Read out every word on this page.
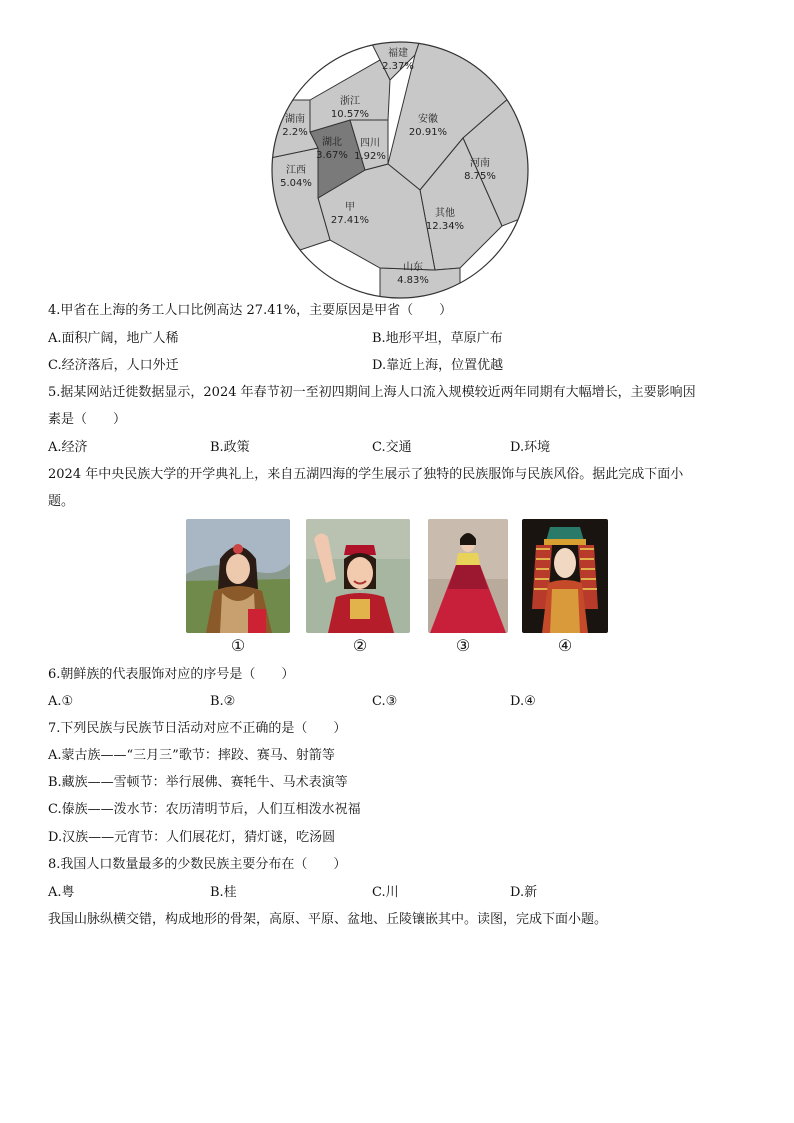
福建
2.37%
安徽
20.91%
河南
8.75%
其他
12.34%
山东
4.83%
甲
27.41%
江西
5.04%
湖南
2.2%
湖北
3.67%
四川
1.92%
浙江
10.57%
4.甲省在上海的务工人口比例高达 27.41%，主要原因是甲省（　　）
A.面积广阔，地广人稀	B.地形平坦，草原广布
C.经济落后，人口外迁	D.靠近上海，位置优越
5.据某网站迁徙数据显示，2024 年春节初一至初四期间上海人口流入规模较近两年同期有大幅增长，主要影响因
素是（　　）
A.经济	B.政策	C.交通	D.环境
2024 年中央民族大学的开学典礼上，来自五湖四海的学生展示了独特的民族服饰与民族风俗。据此完成下面小
题。
①	②	③	④
6.朝鲜族的代表服饰对应的序号是（　　）
A.①	B.②	C.③	D.④
7.下列民族与民族节日活动对应不正确的是（　　）
A.蒙古族——“三月三”歌节：摔跤、赛马、射箭等
B.藏族——雪顿节：举行展佛、赛牦牛、马术表演等
C.傣族——泼水节：农历清明节后，人们互相泼水祝福
D.汉族——元宵节：人们展花灯，猜灯谜，吃汤圆
8.我国人口数量最多的少数民族主要分布在（　　）
A.粤	B.桂	C.川	D.新
我国山脉纵横交错，构成地形的骨架，高原、平原、盆地、丘陵镶嵌其中。读图，完成下面小题。
